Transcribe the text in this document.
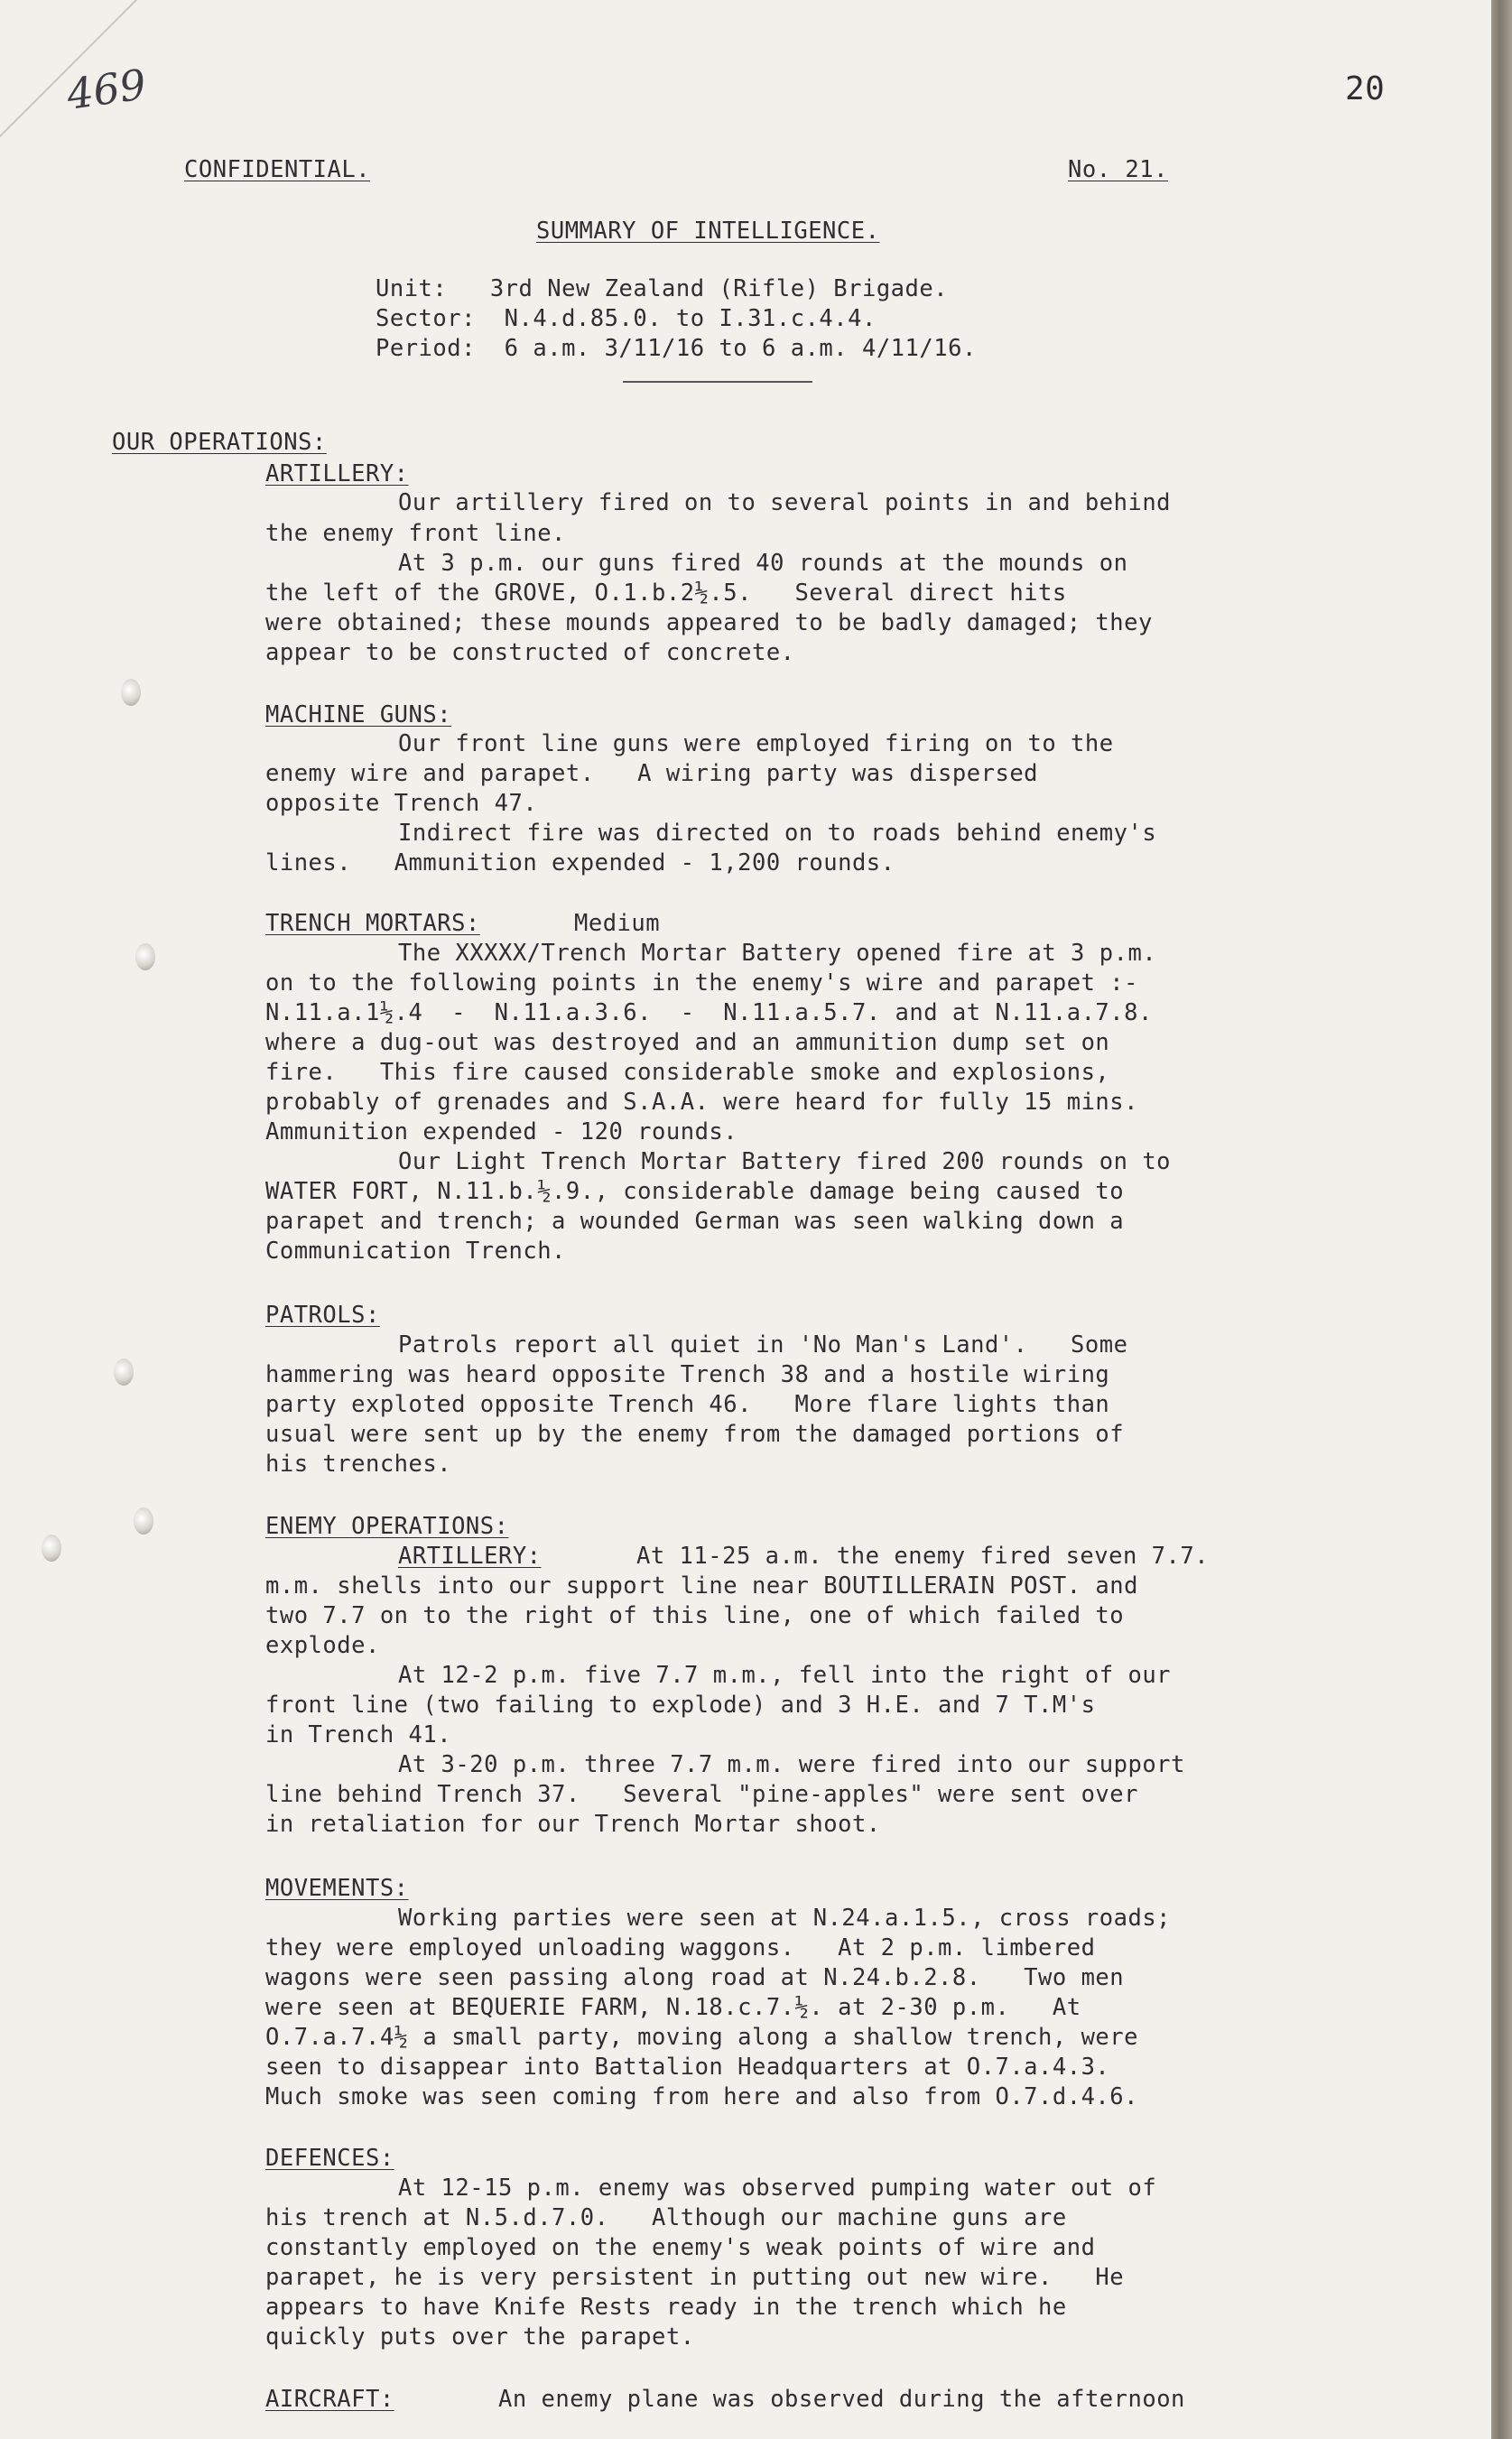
469	20
CONFIDENTIAL.	No. 21.
SUMMARY OF INTELLIGENCE.
Unit:   3rd New Zealand (Rifle) Brigade.
Sector:  N.4.d.85.0. to I.31.c.4.4.
Period:  6 a.m. 3/11/16 to 6 a.m. 4/11/16.
OUR OPERATIONS:
ARTILLERY:
Our artillery fired on to several points in and behind
the enemy front line.
At 3 p.m. our guns fired 40 rounds at the mounds on
the left of the GROVE, O.1.b.2½.5.   Several direct hits
were obtained; these mounds appeared to be badly damaged; they
appear to be constructed of concrete.
MACHINE GUNS:
Our front line guns were employed firing on to the
enemy wire and parapet.   A wiring party was dispersed
opposite Trench 47.
Indirect fire was directed on to roads behind enemy's
lines.   Ammunition expended - 1,200 rounds.
TRENCH MORTARS:	Medium
The XXXXX/Trench Mortar Battery opened fire at 3 p.m.
on to the following points in the enemy's wire and parapet :-
N.11.a.1½.4  -  N.11.a.3.6.  -  N.11.a.5.7. and at N.11.a.7.8.
where a dug-out was destroyed and an ammunition dump set on
fire.   This fire caused considerable smoke and explosions,
probably of grenades and S.A.A. were heard for fully 15 mins.
Ammunition expended - 120 rounds.
Our Light Trench Mortar Battery fired 200 rounds on to
WATER FORT, N.11.b.½.9., considerable damage being caused to
parapet and trench; a wounded German was seen walking down a
Communication Trench.
PATROLS:
Patrols report all quiet in 'No Man's Land'.   Some
hammering was heard opposite Trench 38 and a hostile wiring
party exploted opposite Trench 46.   More flare lights than
usual were sent up by the enemy from the damaged portions of
his trenches.
ENEMY OPERATIONS:
ARTILLERY:	At 11-25 a.m. the enemy fired seven 7.7.
m.m. shells into our support line near BOUTILLERAIN POST. and
two 7.7 on to the right of this line, one of which failed to
explode.
At 12-2 p.m. five 7.7 m.m., fell into the right of our
front line (two failing to explode) and 3 H.E. and 7 T.M's
in Trench 41.
At 3-20 p.m. three 7.7 m.m. were fired into our support
line behind Trench 37.   Several "pine-apples" were sent over
in retaliation for our Trench Mortar shoot.
MOVEMENTS:
Working parties were seen at N.24.a.1.5., cross roads;
they were employed unloading waggons.   At 2 p.m. limbered
wagons were seen passing along road at N.24.b.2.8.   Two men
were seen at BEQUERIE FARM, N.18.c.7.½. at 2-30 p.m.   At
O.7.a.7.4½ a small party, moving along a shallow trench, were
seen to disappear into Battalion Headquarters at O.7.a.4.3.
Much smoke was seen coming from here and also from O.7.d.4.6.
DEFENCES:
At 12-15 p.m. enemy was observed pumping water out of
his trench at N.5.d.7.0.   Although our machine guns are
constantly employed on the enemy's weak points of wire and
parapet, he is very persistent in putting out new wire.   He
appears to have Knife Rests ready in the trench which he
quickly puts over the parapet.
AIRCRAFT:	An enemy plane was observed during the afternoon
